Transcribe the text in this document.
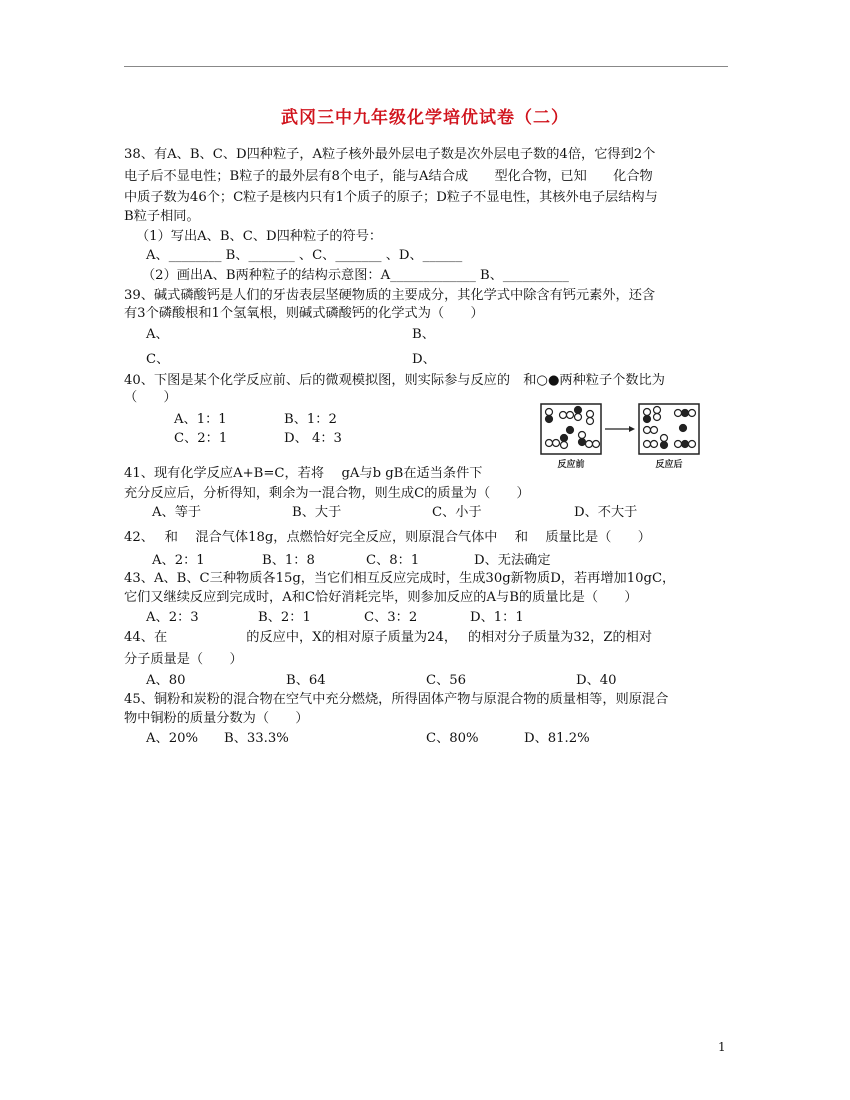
武冈三中九年级化学培优试卷（二）
38、有A、B、C、D四种粒子，A粒子核外最外层电子数是次外层电子数的4倍，它得到2个
电子后不显电性；B粒子的最外层有8个电子，能与A结合成　　型化合物，已知　　化合物
中质子数为46个；C粒子是核内只有1个质子的原子；D粒子不显电性，其核外电子层结构与
B粒子相同。
（1）写出A、B、C、D四种粒子的符号：
A、________ B、_______ 、C、_______ 、D、______
（2）画出A、B两种粒子的结构示意图：A_____________ B、__________
39、碱式磷酸钙是人们的牙齿表层坚硬物质的主要成分，其化学式中除含有钙元素外，还含
有3个磷酸根和1个氢氧根，则碱式磷酸钙的化学式为（　　）
A、	B、
C、	D、
40、下图是某个化学反应前、后的微观模拟图，则实际参与反应的　和○●两种粒子个数比为
（　　）
A、1：1	B、1：2
C、2：1	D、 4：3
反应前	反应后
41、现有化学反应A+B=C，若将　 gA与b gB在适当条件下
充分反应后，分析得知，剩余为一混合物，则生成C的质量为（　　）
A、等于	B、大于	C、小于	D、不大于
42、　 和　 混合气体18g，点燃恰好完全反应，则原混合气体中　 和　 质量比是（　　）
A、2：1	B、1：8	C、8：1	D、无法确定
43、A、B、C三种物质各15g，当它们相互反应完成时，生成30g新物质D，若再增加10gC，
它们又继续反应到完成时，A和C恰好消耗完毕，则参加反应的A与B的质量比是（　　）
A、2：3	B、2：1	C、3：2	D、1：1
44、在　　　　　　的反应中，X的相对原子质量为24，　 的相对分子质量为32，Z的相对
分子质量是（　　）
A、80	B、64	C、56	D、40
45、铜粉和炭粉的混合物在空气中充分燃烧，所得固体产物与原混合物的质量相等，则原混合
物中铜粉的质量分数为（　　）
A、20% B、33.3%	C、80%	D、81.2%
1
